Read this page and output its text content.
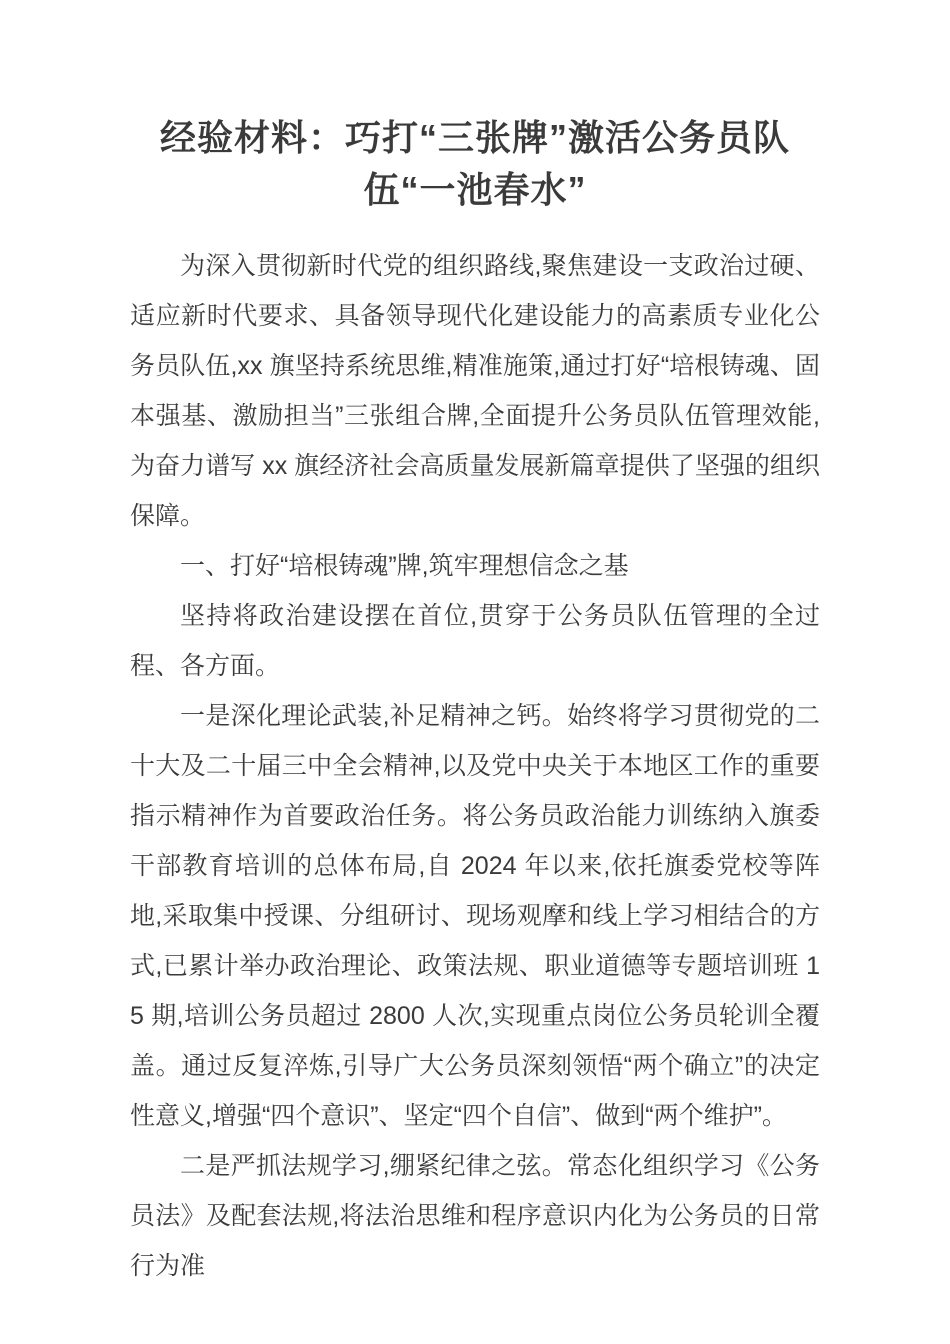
经验材料：巧打“三张牌”激活公务员队伍“一池春水”

为深入贯彻新时代党的组织路线,聚焦建设一支政治过硬、适应新时代要求、具备领导现代化建设能力的高素质专业化公务员队伍,xx 旗坚持系统思维,精准施策,通过打好“培根铸魂、固本强基、激励担当”三张组合牌,全面提升公务员队伍管理效能,为奋力谱写 xx 旗经济社会高质量发展新篇章提供了坚强的组织保障。

一、打好“培根铸魂”牌,筑牢理想信念之基

坚持将政治建设摆在首位,贯穿于公务员队伍管理的全过程、各方面。

一是深化理论武装,补足精神之钙。始终将学习贯彻党的二十大及二十届三中全会精神,以及党中央关于本地区工作的重要指示精神作为首要政治任务。将公务员政治能力训练纳入旗委干部教育培训的总体布局,自 2024 年以来,依托旗委党校等阵地,采取集中授课、分组研讨、现场观摩和线上学习相结合的方式,已累计举办政治理论、政策法规、职业道德等专题培训班 15 期,培训公务员超过 2800 人次,实现重点岗位公务员轮训全覆盖。通过反复淬炼,引导广大公务员深刻领悟“两个确立”的决定性意义,增强“四个意识”、坚定“四个自信”、做到“两个维护”。

二是严抓法规学习,绷紧纪律之弦。常态化组织学习《公务员法》及配套法规,将法治思维和程序意识内化为公务员的日常行为准
